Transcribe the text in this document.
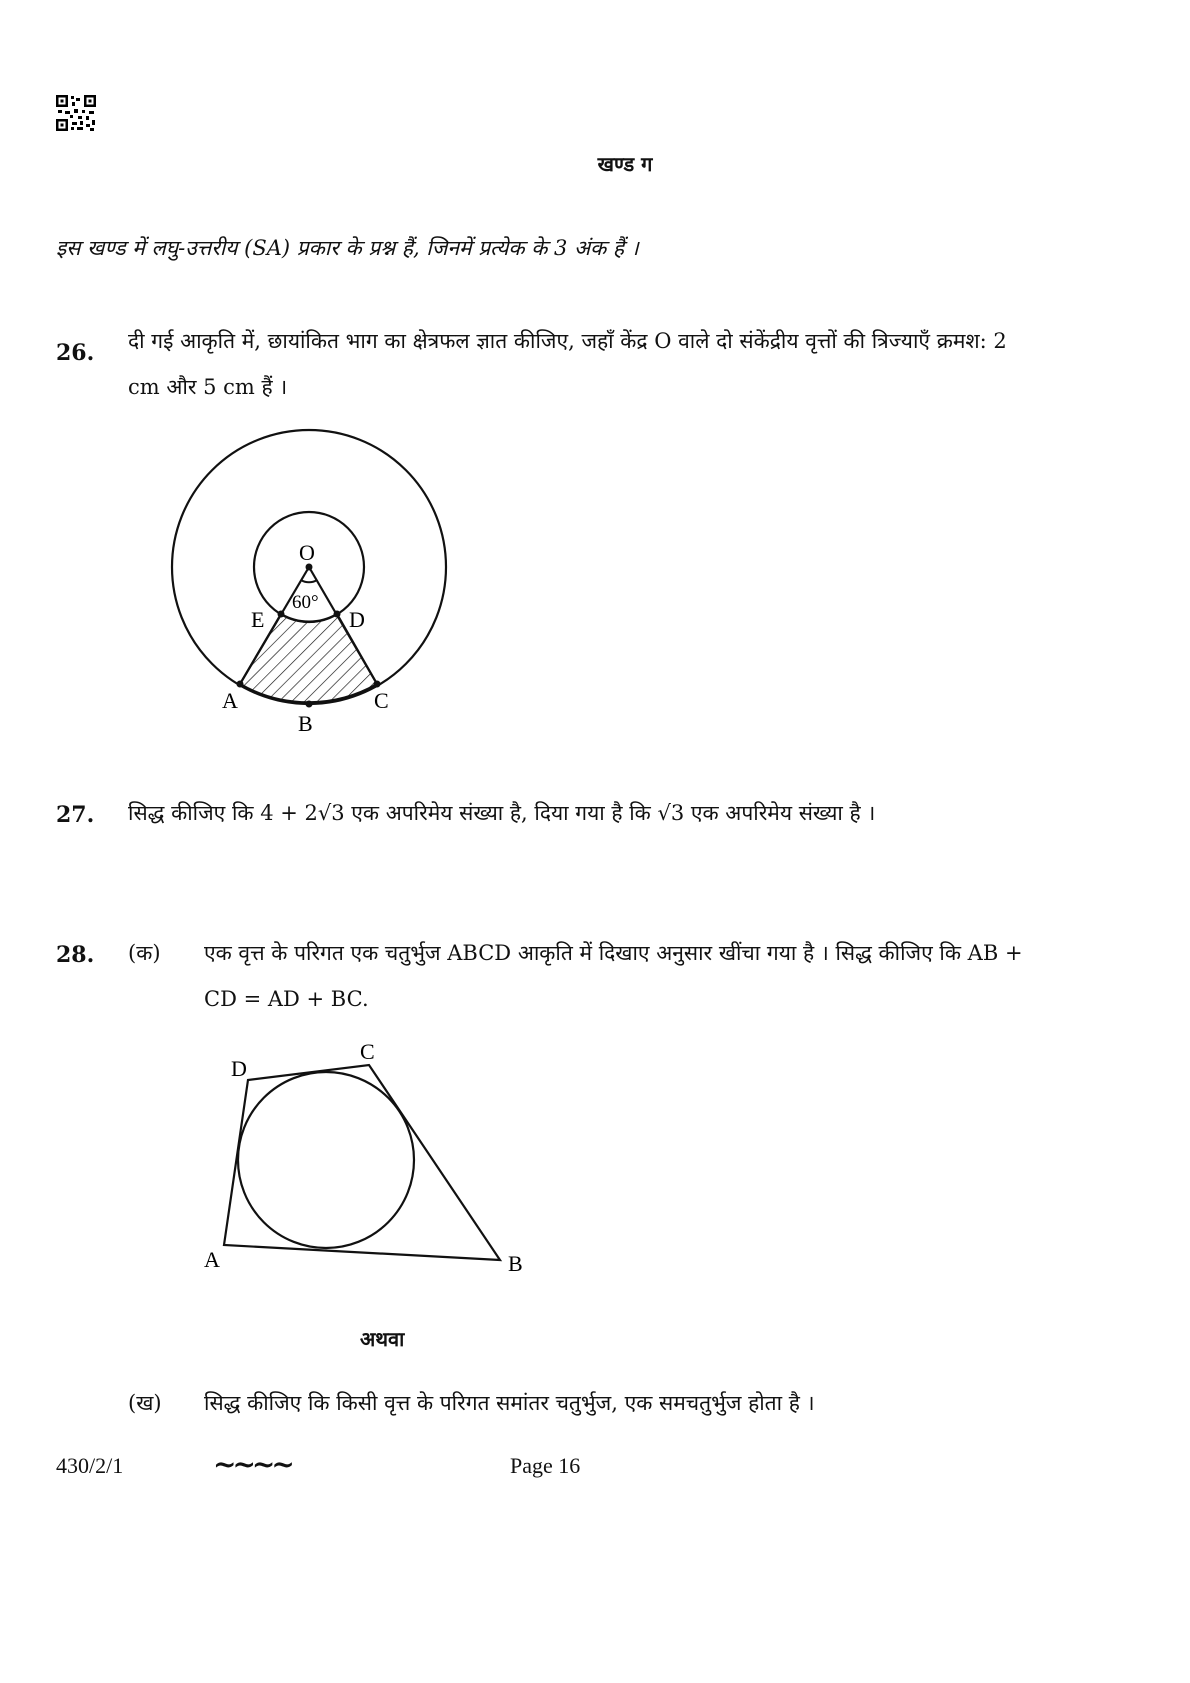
खण्ड ग
इस खण्ड में लघु-उत्तरीय (SA) प्रकार के प्रश्न हैं, जिनमें प्रत्येक के 3 अंक हैं ।
26. दी गई आकृति में, छायांकित भाग का क्षेत्रफल ज्ञात कीजिए, जहाँ केंद्र O वाले दो संकेंद्रीय वृत्तों की त्रिज्याएँ क्रमश: 2 cm और 5 cm हैं ।
O
60°
E	D
A
B
C
27. सिद्ध कीजिए कि 4 + 2√3 एक अपरिमेय संख्या है, दिया गया है कि √3 एक अपरिमेय संख्या है ।
28. (क) एक वृत्त के परिगत एक चतुर्भुज ABCD आकृति में दिखाए अनुसार खींचा गया है । सिद्ध कीजिए कि AB + CD = AD + BC.
D
C
A	B
अथवा
(ख) सिद्ध कीजिए कि किसी वृत्त के परिगत समांतर चतुर्भुज, एक समचतुर्भुज होता है ।
430/2/1	~~~~	Page 16
